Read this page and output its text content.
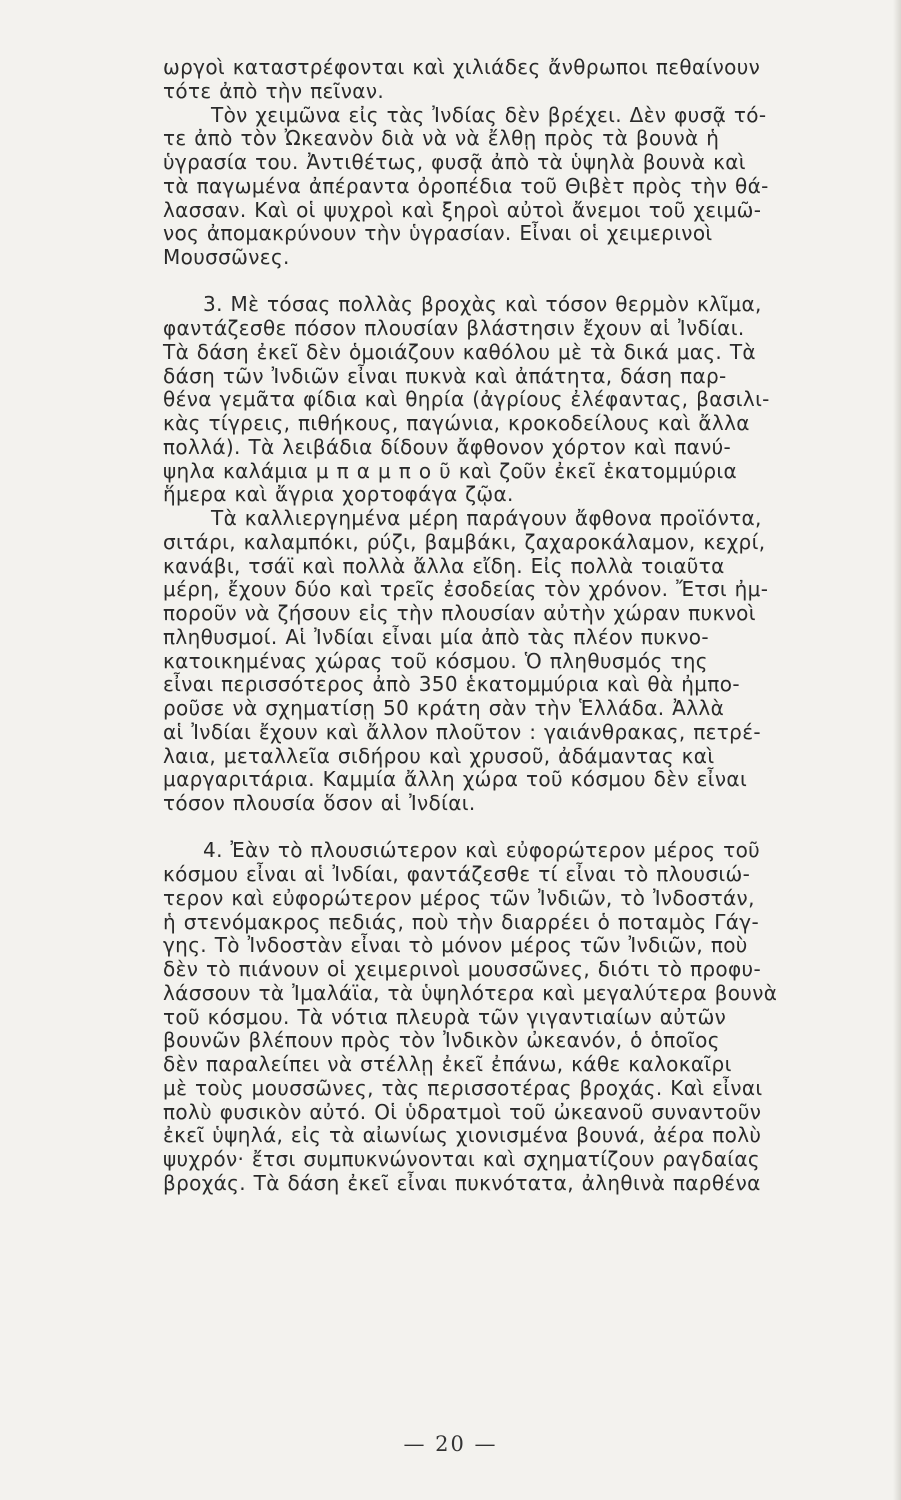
ωργοὶ καταστρέφονται καὶ χιλιάδες ἄνθρωποι πεθαίνουν
τότε ἀπὸ τὴν πεῖναν.
Τὸν χειμῶνα εἰς τὰς Ἰνδίας δὲν βρέχει. Δὲν φυσᾷ τό-
τε ἀπὸ τὸν Ὠκεανὸν διὰ νὰ νὰ ἔλθῃ πρὸς τὰ βουνὰ ἡ
ὑγρασία του. Ἀντιθέτως, φυσᾷ ἀπὸ τὰ ὑψηλὰ βουνὰ καὶ
τὰ παγωμένα ἀπέραντα ὀροπέδια τοῦ Θιβὲτ πρὸς τὴν θά-
λασσαν. Καὶ οἱ ψυχροὶ καὶ ξηροὶ αὐτοὶ ἄνεμοι τοῦ χειμῶ-
νος ἀπομακρύνουν τὴν ὑγρασίαν. Εἶναι οἱ χειμερινοὶ
Μουσσῶνες.
3. Μὲ τόσας πολλὰς βροχὰς καὶ τόσον θερμὸν κλῖμα,
φαντάζεσθε πόσον πλουσίαν βλάστησιν ἔχουν αἱ Ἰνδίαι.
Τὰ δάση ἐκεῖ δὲν ὁμοιάζουν καθόλου μὲ τὰ δικά μας. Τὰ
δάση τῶν Ἰνδιῶν εἶναι πυκνὰ καὶ ἀπάτητα, δάση παρ-
θένα γεμᾶτα φίδια καὶ θηρία (ἀγρίους ἐλέφαντας, βασιλι-
κὰς τίγρεις, πιθήκους, παγώνια, κροκοδείλους καὶ ἄλλα
πολλά). Τὰ λειβάδια δίδουν ἄφθονον χόρτον καὶ πανύ-
ψηλα καλάμια μ π α μ π ο ῦ καὶ ζοῦν ἐκεῖ ἑκατομμύρια
ἥμερα καὶ ἄγρια χορτοφάγα ζῷα.
Τὰ καλλιεργημένα μέρη παράγουν ἄφθονα προϊόντα,
σιτάρι, καλαμπόκι, ρύζι, βαμβάκι, ζαχαροκάλαμον, κεχρί,
κανάβι, τσάϊ καὶ πολλὰ ἄλλα εἴδη. Εἰς πολλὰ τοιαῦτα
μέρη, ἔχουν δύο καὶ τρεῖς ἐσοδείας τὸν χρόνον. Ἔτσι ἠμ-
ποροῦν νὰ ζήσουν εἰς τὴν πλουσίαν αὐτὴν χώραν πυκνοὶ
πληθυσμοί. Αἱ Ἰνδίαι εἶναι μία ἀπὸ τὰς πλέον πυκνο-
κατοικημένας χώρας τοῦ κόσμου. Ὁ πληθυσμός της
εἶναι περισσότερος ἀπὸ 350 ἑκατομμύρια καὶ θὰ ἠμπο-
ροῦσε νὰ σχηματίσῃ 50 κράτη σὰν τὴν Ἑλλάδα. Ἀλλὰ
αἱ Ἰνδίαι ἔχουν καὶ ἄλλον πλοῦτον : γαιάνθρακας, πετρέ-
λαια, μεταλλεῖα σιδήρου καὶ χρυσοῦ, ἀδάμαντας καὶ
μαργαριτάρια. Καμμία ἄλλη χώρα τοῦ κόσμου δὲν εἶναι
τόσον πλουσία ὅσον αἱ Ἰνδίαι.
4. Ἐὰν τὸ πλουσιώτερον καὶ εὐφορώτερον μέρος τοῦ
κόσμου εἶναι αἱ Ἰνδίαι, φαντάζεσθε τί εἶναι τὸ πλουσιώ-
τερον καὶ εὐφορώτερον μέρος τῶν Ἰνδιῶν, τὸ Ἰνδοστάν,
ἡ στενόμακρος πεδιάς, ποὺ τὴν διαρρέει ὁ ποταμὸς Γάγ-
γης. Τὸ Ἰνδοστὰν εἶναι τὸ μόνον μέρος τῶν Ἰνδιῶν, ποὺ
δὲν τὸ πιάνουν οἱ χειμερινοὶ μουσσῶνες, διότι τὸ προφυ-
λάσσουν τὰ Ἰμαλάϊα, τὰ ὑψηλότερα καὶ μεγαλύτερα βουνὰ
τοῦ κόσμου. Τὰ νότια πλευρὰ τῶν γιγαντιαίων αὐτῶν
βουνῶν βλέπουν πρὸς τὸν Ἰνδικὸν ὠκεανόν, ὁ ὁποῖος
δὲν παραλείπει νὰ στέλλῃ ἐκεῖ ἐπάνω, κάθε καλοκαῖρι
μὲ τοὺς μουσσῶνες, τὰς περισσοτέρας βροχάς. Καὶ εἶναι
πολὺ φυσικὸν αὐτό. Οἱ ὑδρατμοὶ τοῦ ὠκεανοῦ συναντοῦν
ἐκεῖ ὑψηλά, εἰς τὰ αἰωνίως χιονισμένα βουνά, ἀέρα πολὺ
ψυχρόν· ἔτσι συμπυκνώνονται καὶ σχηματίζουν ραγδαίας
βροχάς. Τὰ δάση ἐκεῖ εἶναι πυκνότατα, ἀληθινὰ παρθένα
— 20 —
